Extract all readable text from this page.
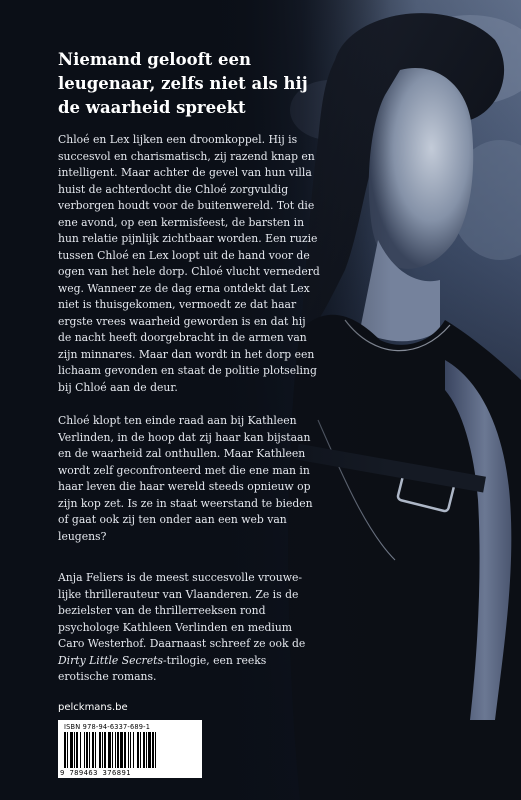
Niemand gelooft een leugenaar, zelfs niet als hij de waarheid spreekt

Chloé en Lex lijken een droomkoppel. Hij is succesvol en charismatisch, zij razend knap en intelligent. Maar achter de gevel van hun villa huist de achterdocht die Chloé zorgvuldig verborgen houdt voor de buitenwereld. Tot die ene avond, op een kermisfeest, de barsten in hun relatie pijnlijk zichtbaar worden. Een ruzie tussen Chloé en Lex loopt uit de hand voor de ogen van het hele dorp. Chloé vlucht vernederd weg. Wanneer ze de dag erna ontdekt dat Lex niet is thuisgekomen, vermoedt ze dat haar ergste vrees waarheid geworden is en dat hij de nacht heeft doorgebracht in de armen van zijn minnares. Maar dan wordt in het dorp een lichaam gevonden en staat de politie plotseling bij Chloé aan de deur.

Chloé klopt ten einde raad aan bij Kathleen Verlinden, in de hoop dat zij haar kan bijstaan en de waarheid zal onthullen. Maar Kathleen wordt zelf geconfronteerd met die ene man in haar leven die haar wereld steeds opnieuw op zijn kop zet. Is ze in staat weerstand te bieden of gaat ook zij ten onder aan een web van leugens?

Anja Feliers is de meest succesvolle vrouwelijke thrillerauteur van Vlaanderen. Ze is de bezielster van de thrillerreeksen rond psychologe Kathleen Verlinden en medium Caro Westerhof. Daarnaast schreef ze ook de Dirty Little Secrets-trilogie, een reeks erotische romans.

pelckmans.be

ISBN 978-94-6337-689-1

9 789463 376891
